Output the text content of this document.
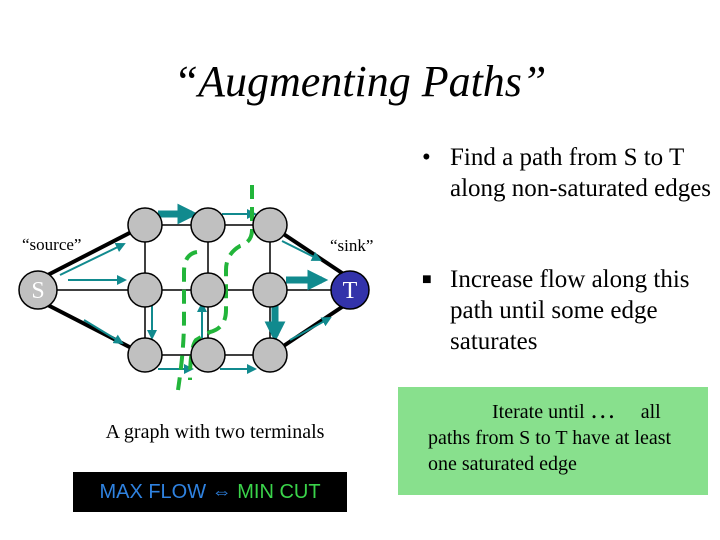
“Augmenting Paths”
S	T
“source”	“sink”
• Find a path from S to T along non-saturated edges
■ Increase flow along this path until some edge saturates
Iterate until … all
paths from S to T have at least one saturated edge
A graph with two terminals
MAX FLOW ⇔ MIN CUT
